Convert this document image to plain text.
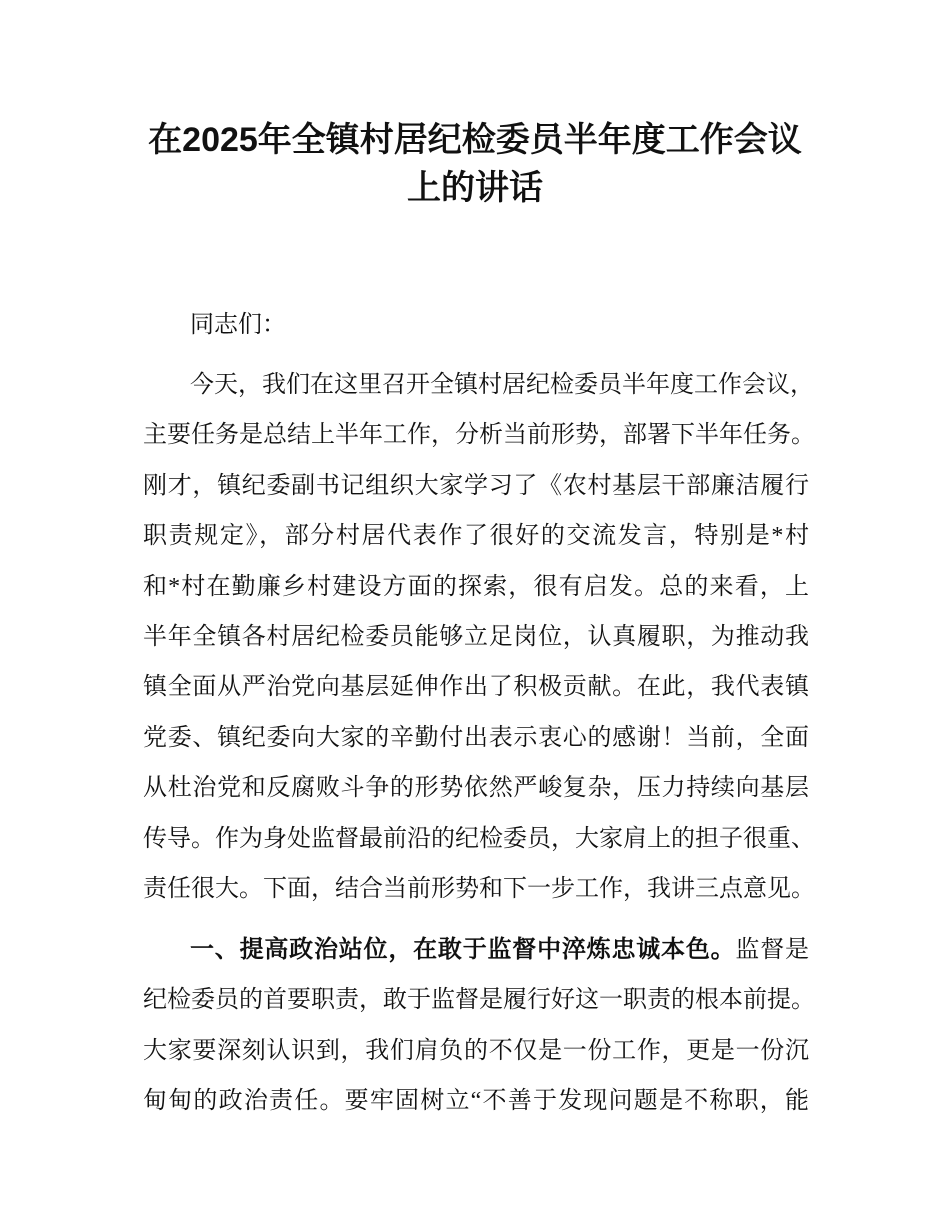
在2025年全镇村居纪检委员半年度工作会议
上的讲话
同志们：
今天，我们在这里召开全镇村居纪检委员半年度工作会议，
主要任务是总结上半年工作，分析当前形势，部署下半年任务。
刚才，镇纪委副书记组织大家学习了《农村基层干部廉洁履行
职责规定》，部分村居代表作了很好的交流发言，特别是*村
和*村在勤廉乡村建设方面的探索，很有启发。总的来看，上
半年全镇各村居纪检委员能够立足岗位，认真履职，为推动我
镇全面从严治党向基层延伸作出了积极贡献。在此，我代表镇
党委、镇纪委向大家的辛勤付出表示衷心的感谢！当前，全面
从杜治党和反腐败斗争的形势依然严峻复杂，压力持续向基层
传导。作为身处监督最前沿的纪检委员，大家肩上的担子很重、
责任很大。下面，结合当前形势和下一步工作，我讲三点意见。
一、提高政治站位，在敢于监督中淬炼忠诚本色。监督是
纪检委员的首要职责，敢于监督是履行好这一职责的根本前提。
大家要深刻认识到，我们肩负的不仅是一份工作，更是一份沉
甸甸的政治责任。要牢固树立“不善于发现问题是不称职，能
